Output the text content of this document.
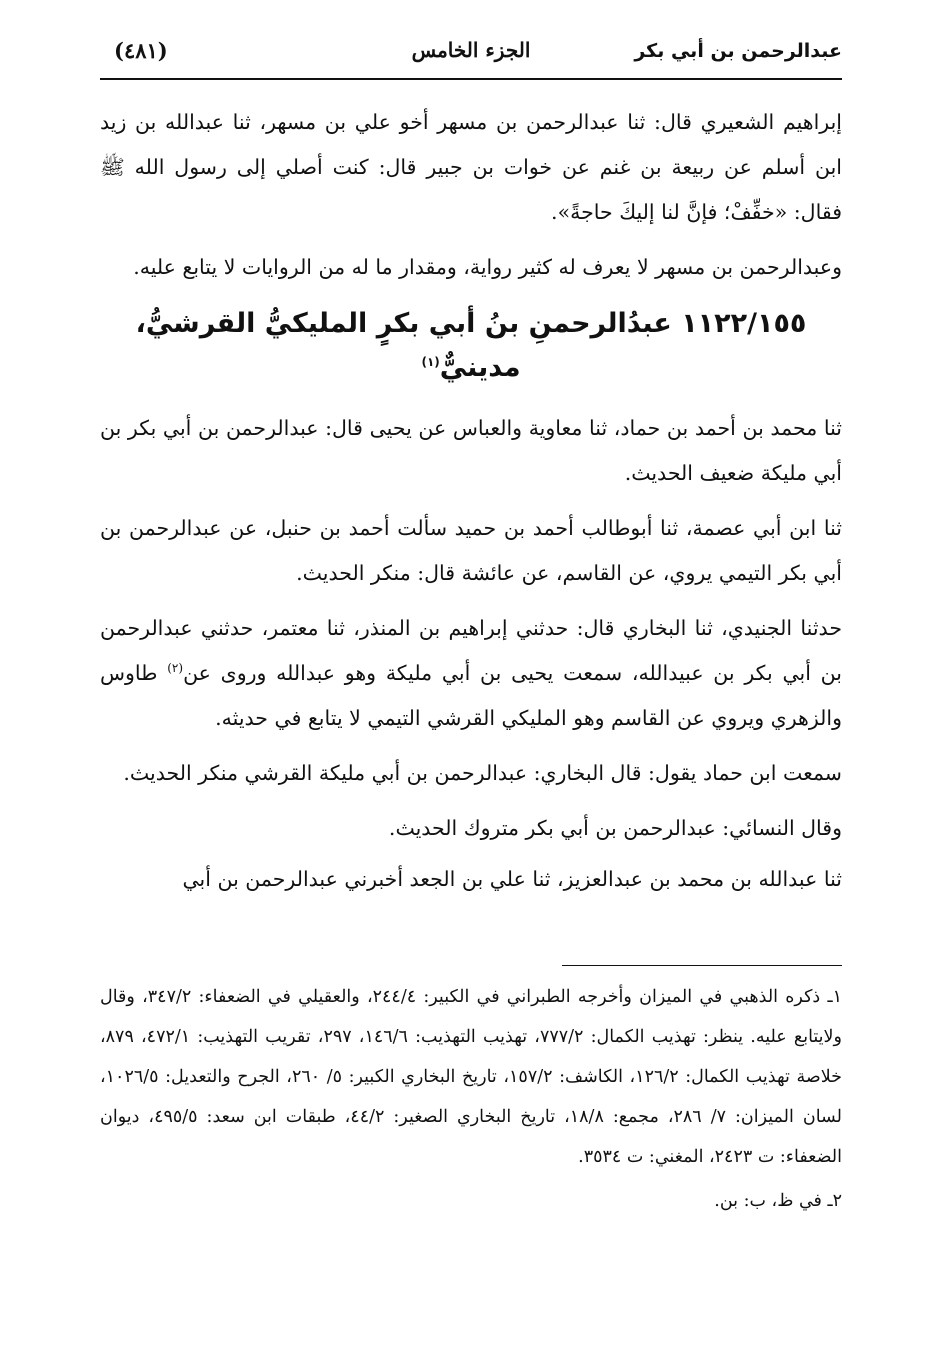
عبدالرحمن بن أبي بكر
الجزء الخامس
(٤٨١)

إبراهيم الشعيري قال: ثنا عبدالرحمن بن مسهر أخو علي بن مسهر، ثنا عبدالله بن زيد ابن أسلم عن ربيعة بن غنم عن خوات بن جبير قال: كنت أصلي إلى رسول الله ﷺ فقال: «خفِّفْ؛ فإنَّ لنا إليكَ حاجةً».

وعبدالرحمن بن مسهر لا يعرف له كثير رواية، ومقدار ما له من الروايات لا يتابع عليه.

١١٢٢/١٥٥ عبدُالرحمنِ بنُ أبي بكرٍ المليكيُّ القرشيُّ، مدينيٌّ$^{(١)}$

ثنا محمد بن أحمد بن حماد، ثنا معاوية والعباس عن يحيى قال: عبدالرحمن بن أبي بكر بن أبي مليكة ضعيف الحديث.

ثنا ابن أبي عصمة، ثنا أبوطالب أحمد بن حميد سألت أحمد بن حنبل، عن عبدالرحمن بن أبي بكر التيمي يروي، عن القاسم، عن عائشة قال: منكر الحديث.

حدثنا الجنيدي، ثنا البخاري قال: حدثني إبراهيم بن المنذر، ثنا معتمر، حدثني عبدالرحمن بن أبي بكر بن عبيدالله، سمعت يحيى بن أبي مليكة وهو عبدالله وروى عن$^{(٢)}$ طاوس والزهري ويروي عن القاسم وهو المليكي القرشي التيمي لا يتابع في حديثه.

سمعت ابن حماد يقول: قال البخاري: عبدالرحمن بن أبي مليكة القرشي منكر الحديث.

وقال النسائي: عبدالرحمن بن أبي بكر متروك الحديث.

ثنا عبدالله بن محمد بن عبدالعزيز، ثنا علي بن الجعد أخبرني عبدالرحمن بن أبي

١ـ ذكره الذهبي في الميزان وأخرجه الطبراني في الكبير: ٢٤٤/٤، والعقيلي في الضعفاء: ٣٤٧/٢، وقال ولايتابع عليه. ينظر: تهذيب الكمال: ٧٧٧/٢، تهذيب التهذيب: ١٤٦/٦، ٢٩٧، تقريب التهذيب: ٤٧٢/١، ٨٧٩، خلاصة تهذيب الكمال: ١٢٦/٢، الكاشف: ١٥٧/٢، تاريخ البخاري الكبير: ٥/ ٢٦٠، الجرح والتعديل: ١٠٢٦/٥، لسان الميزان: ٧/ ٢٨٦، مجمع: ١٨/٨، تاريخ البخاري الصغير: ٤٤/٢، طبقات ابن سعد: ٤٩٥/٥، ديوان الضعفاء: ت ٢٤٢٣، المغني: ت ٣٥٣٤.

٢ـ في ظ، ب: بن.
